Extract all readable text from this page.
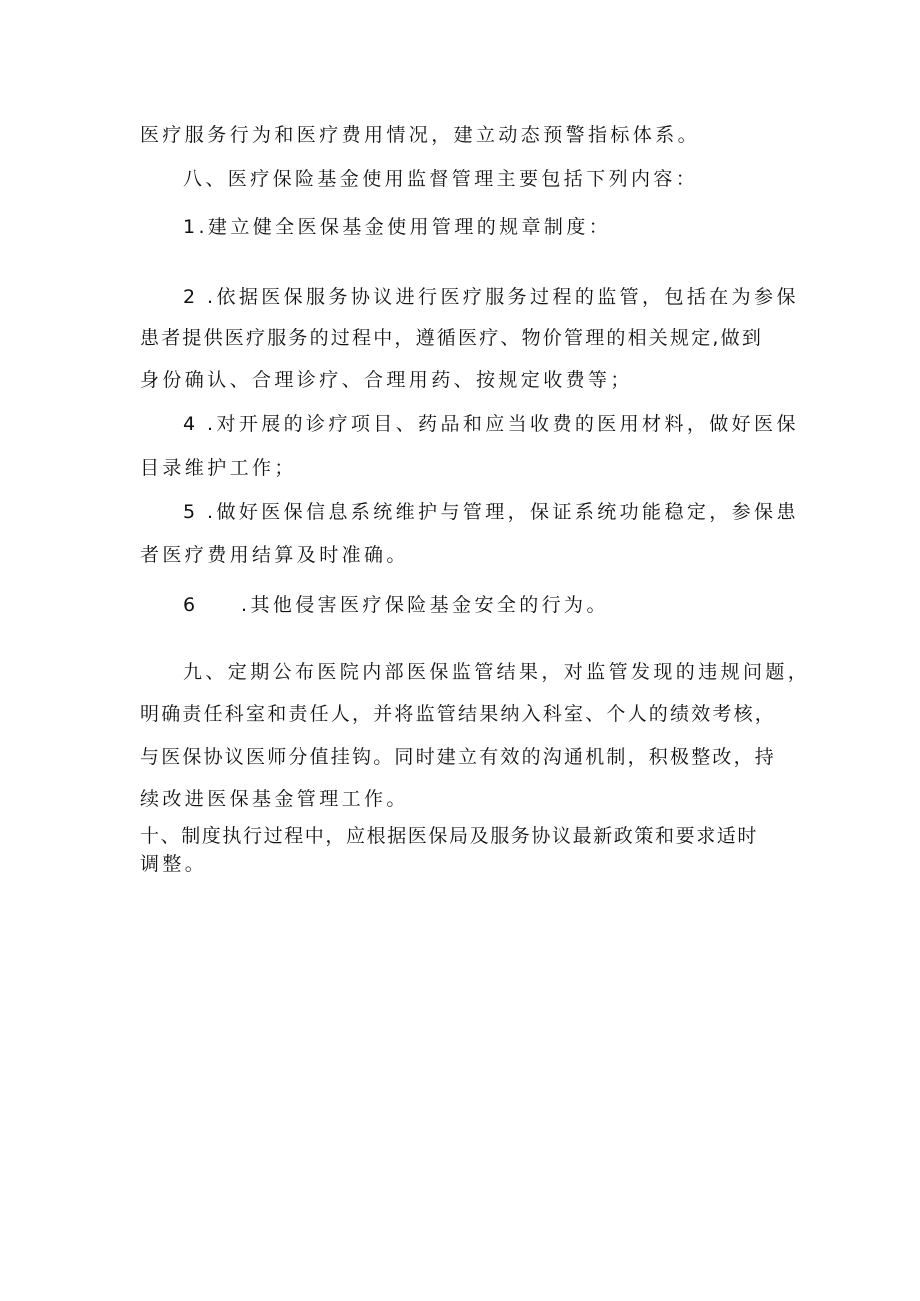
医疗服务行为和医疗费用情况，建立动态预警指标体系。
八、医疗保险基金使用监督管理主要包括下列内容：
1.建立健全医保基金使用管理的规章制度：
2 .依据医保服务协议进行医疗服务过程的监管，包括在为参保
患者提供医疗服务的过程中，遵循医疗、物价管理的相关规定,做到
身份确认、合理诊疗、合理用药、按规定收费等；
4 .对开展的诊疗项目、药品和应当收费的医用材料，做好医保
目录维护工作；
5 .做好医保信息系统维护与管理，保证系统功能稳定，参保患
者医疗费用结算及时准确。
6 .其他侵害医疗保险基金安全的行为。
九、定期公布医院内部医保监管结果，对监管发现的违规问题，
明确责任科室和责任人，并将监管结果纳入科室、个人的绩效考核，
与医保协议医师分值挂钩。同时建立有效的沟通机制，积极整改，持
续改进医保基金管理工作。
十、制度执行过程中，应根据医保局及服务协议最新政策和要求适时
调整。
